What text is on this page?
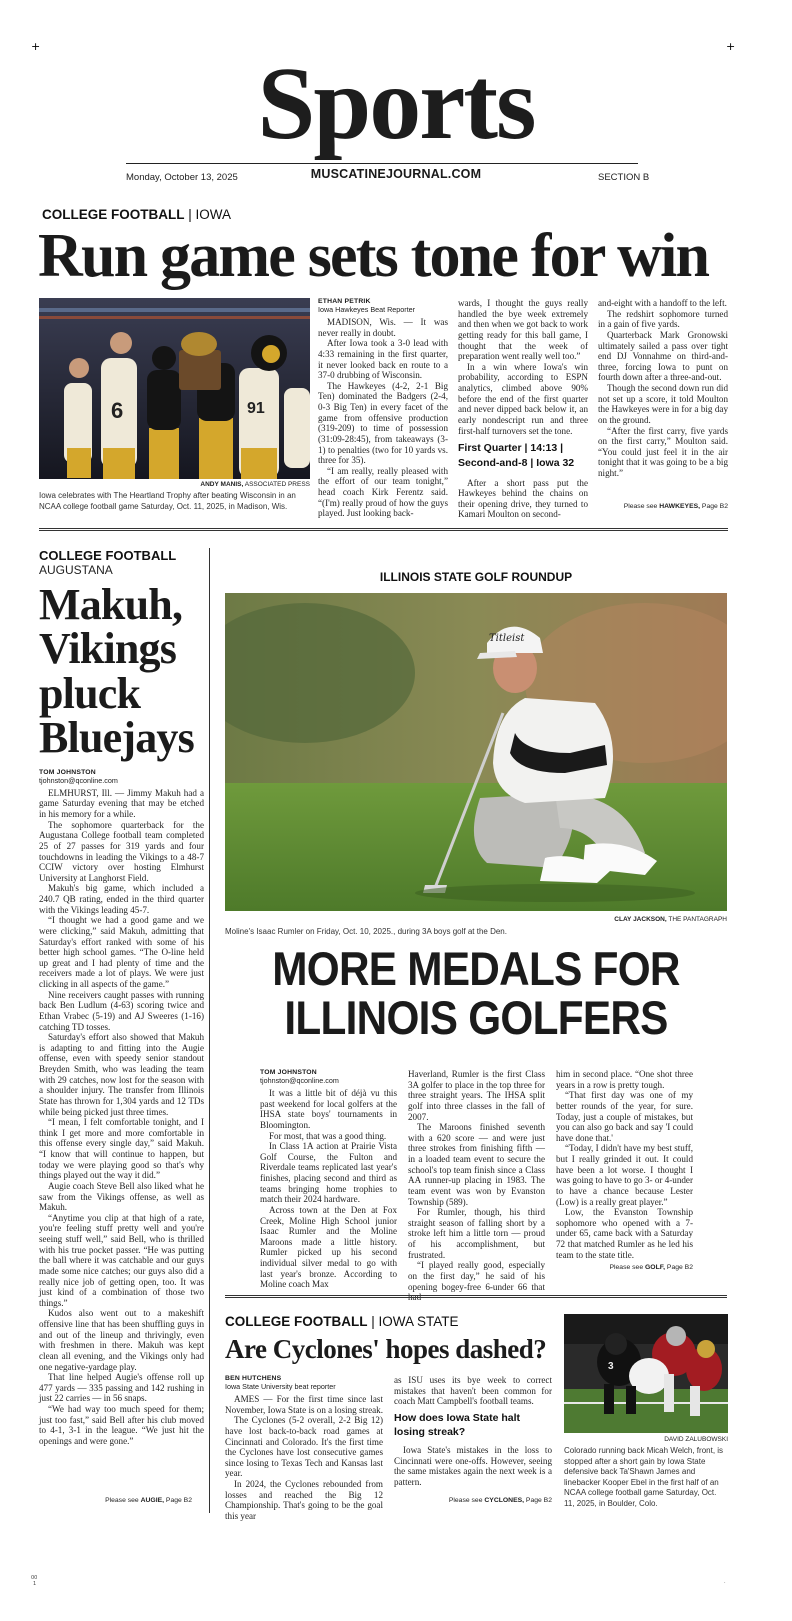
+	+
Sports
Monday, October 13, 2025	MUSCATINEJOURNAL.COM	SECTION B
COLLEGE FOOTBALL | IOWA
Run game sets tone for win
6	91
ANDY MANIS, ASSOCIATED PRESS
Iowa celebrates with The Heartland Trophy after beating Wisconsin in an NCAA college football game Saturday, Oct. 11, 2025, in Madison, Wis.
ETHAN PETRIK
Iowa Hawkeyes Beat Reporter

MADISON, Wis. — It was never really in doubt.

After Iowa took a 3-0 lead with 4:33 remaining in the first quarter, it never looked back en route to a 37-0 drubbing of Wisconsin.

The Hawkeyes (4-2, 2-1 Big Ten) dominated the Badgers (2-4, 0-3 Big Ten) in every facet of the game from offensive production (319-209) to time of possession (31:09-28:45), from takeaways (3-1) to penalties (two for 10 yards vs. three for 35).

“I am really, really pleased with the effort of our team tonight,” head coach Kirk Ferentz said. “(I'm) really proud of how the guys played. Just looking back-

wards, I thought the guys really handled the bye week extremely and then when we got back to work getting ready for this ball game, I thought that the week of preparation went really well too.”

In a win where Iowa's win probability, according to ESPN analytics, climbed above 90% before the end of the first quarter and never dipped back below it, an early nondescript run and three first-half turnovers set the tone.

First Quarter | 14:13 | Second-and-8 | Iowa 32

After a short pass put the Hawkeyes behind the chains on their opening drive, they turned to Kamari Moulton on second-

and-eight with a handoff to the left.

The redshirt sophomore turned in a gain of five yards.

Quarterback Mark Gronowski ultimately sailed a pass over tight end DJ Vonnahme on third-and-three, forcing Iowa to punt on fourth down after a three-and-out.

Though the second down run did not set up a score, it told Moulton the Hawkeyes were in for a big day on the ground.

“After the first carry, five yards on the first carry,” Moulton said. “You could just feel it in the air tonight that it was going to be a big night.”

Please see HAWKEYES, Page B2
COLLEGE FOOTBALL
AUGUSTANA
Makuh,
Vikings
pluck
Bluejays
TOM JOHNSTON
tjohnston@qconline.com

ELMHURST, Ill. — Jimmy Makuh had a game Saturday evening that may be etched in his memory for a while.

The sophomore quarterback for the Augustana College football team completed 25 of 27 passes for 319 yards and four touchdowns in leading the Vikings to a 48-7 CCIW victory over hosting Elmhurst University at Langhorst Field.

Makuh's big game, which included a 240.7 QB rating, ended in the third quarter with the Vikings leading 45-7.

“I thought we had a good game and we were clicking,” said Makuh, admitting that Saturday's effort ranked with some of his better high school games. “The O-line held up great and I had plenty of time and the receivers made a lot of plays. We were just clicking in all aspects of the game.”

Nine receivers caught passes with running back Ben Ludlum (4-63) scoring twice and Ethan Vrabec (5-19) and AJ Sweeres (1-16) catching TD tosses.

Saturday's effort also showed that Makuh is adapting to and fitting into the Augie offense, even with speedy senior standout Breyden Smith, who was leading the team with 29 catches, now lost for the season with a shoulder injury. The transfer from Illinois State has thrown for 1,304 yards and 12 TDs while being picked just three times.

“I mean, I felt comfortable tonight, and I think I get more and more comfortable in this offense every single day,” said Makuh. “I know that will continue to happen, but today we were playing good so that's why things played out the way it did.”

Augie coach Steve Bell also liked what he saw from the Vikings offense, as well as Makuh.

“Anytime you clip at that high of a rate, you're feeling stuff pretty well and you're seeing stuff well,” said Bell, who is thrilled with his true pocket passer. “He was putting the ball where it was catchable and our guys made some nice catches; our guys also did a really nice job of getting open, too. It was just kind of a combination of those two things.”

Kudos also went out to a makeshift offensive line that has been shuffling guys in and out of the lineup and thrivingly, even with freshmen in there. Makuh was kept clean all evening, and the Vikings only had one negative-yardage play.

That line helped Augie's offense roll up 477 yards — 335 passing and 142 rushing in just 22 carries — in 56 snaps.

“We had way too much speed for them; just too fast,” said Bell after his club moved to 4-1, 3-1 in the league. “We just hit the openings and were gone.”

Please see AUGIE, Page B2
ILLINOIS STATE GOLF ROUNDUP
Titleist
CLAY JACKSON, THE PANTAGRAPH
Moline's Isaac Rumler on Friday, Oct. 10, 2025., during 3A boys golf at the Den.
MORE MEDALS FOR
ILLINOIS GOLFERS
TOM JOHNSTON
tjohnston@qconline.com

It was a little bit of déjà vu this past weekend for local golfers at the IHSA state boys' tournaments in Bloomington.

For most, that was a good thing.

In Class 1A action at Prairie Vista Golf Course, the Fulton and Riverdale teams replicated last year's finishes, placing second and third as teams bringing home trophies to match their 2024 hardware.

Across town at the Den at Fox Creek, Moline High School junior Isaac Rumler and the Moline Maroons made a little history. Rumler picked up his second individual silver medal to go with last year's bronze. According to Moline coach Max

Haverland, Rumler is the first Class 3A golfer to place in the top three for three straight years. The IHSA split golf into three classes in the fall of 2007.

The Maroons finished seventh with a 620 score — and were just three strokes from finishing fifth — in a loaded team event to secure the school's top team finish since a Class AA runner-up placing in 1983. The team event was won by Evanston Township (589).

For Rumler, though, his third straight season of falling short by a stroke left him a little torn — proud of his accomplishment, but frustrated.

“I played really good, especially on the first day,” he said of his opening bogey-free 6-under 66 that had

him in second place. “One shot three years in a row is pretty tough.

“That first day was one of my better rounds of the year, for sure. Today, just a couple of mistakes, but you can also go back and say 'I could have done that.'

“Today, I didn't have my best stuff, but I really grinded it out. It could have been a lot worse. I thought I was going to have to go 3- or 4-under to have a chance because Lester (Low) is a really great player.”

Low, the Evanston Township sophomore who opened with a 7-under 65, came back with a Saturday 72 that matched Rumler as he led his team to the state title.

Please see GOLF, Page B2
COLLEGE FOOTBALL | IOWA STATE
Are Cyclones' hopes dashed?
BEN HUTCHENS
Iowa State University beat reporter

AMES — For the first time since last November, Iowa State is on a losing streak.

The Cyclones (5-2 overall, 2-2 Big 12) have lost back-to-back road games at Cincinnati and Colorado. It's the first time the Cyclones have lost consecutive games since losing to Texas Tech and Kansas last year.

In 2024, the Cyclones rebounded from losses and reached the Big 12 Championship. That's going to be the goal this year

as ISU uses its bye week to correct mistakes that haven't been common for coach Matt Campbell's football teams.

How does Iowa State halt losing streak?

Iowa State's mistakes in the loss to Cincinnati were one-offs. However, seeing the same mistakes again the next week is a pattern.

Please see CYCLONES, Page B2
3
DAVID ZALUBOWSKI
Colorado running back Micah Welch, front, is stopped after a short gain by Iowa State defensive back Ta'Shawn James and linebacker Kooper Ebel in the first half of an NCAA college football game Saturday, Oct. 11, 2025, in Boulder, Colo.
00
1	.
